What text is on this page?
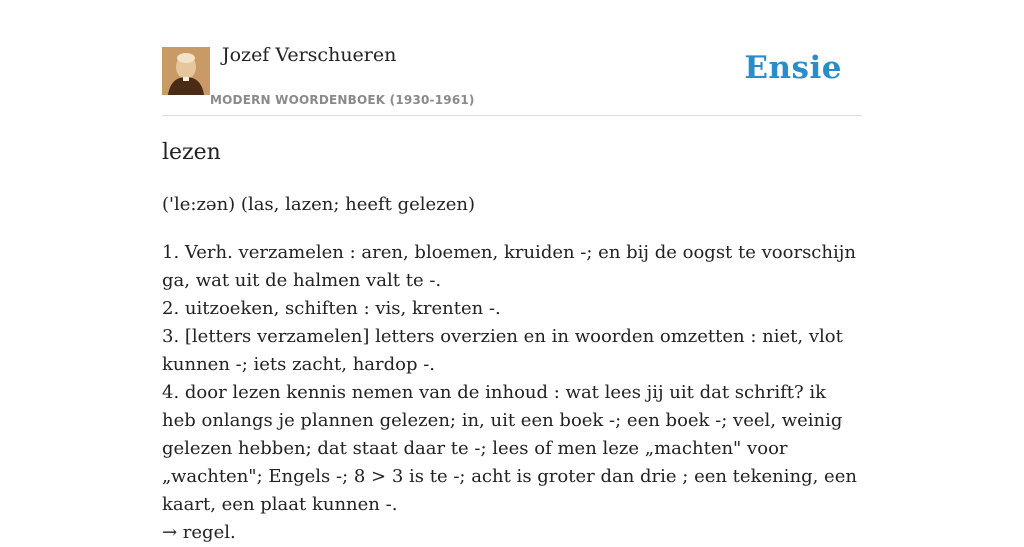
Jozef Verschueren
MODERN WOORDENBOEK (1930-1961)
Ensie
lezen
('le:zən) (las, lazen; heeft gelezen)
1. Verh. verzamelen : aren, bloemen, kruiden -; en bij de oogst te voorschijn ga, wat uit de halmen valt te -.
2. uitzoeken, schiften : vis, krenten -.
3. [letters verzamelen] letters overzien en in woorden omzetten : niet, vlot kunnen -; iets zacht, hardop -.
4. door lezen kennis nemen van de inhoud : wat lees jij uit dat schrift? ik heb onlangs je plannen gelezen; in, uit een boek -; een boek -; veel, weinig gelezen hebben; dat staat daar te -; lees of men leze „machten" voor „wachten"; Engels -; 8 > 3 is te -; acht is groter dan drie ; een tekening, een kaart, een plaat kunnen -.
→ regel.
